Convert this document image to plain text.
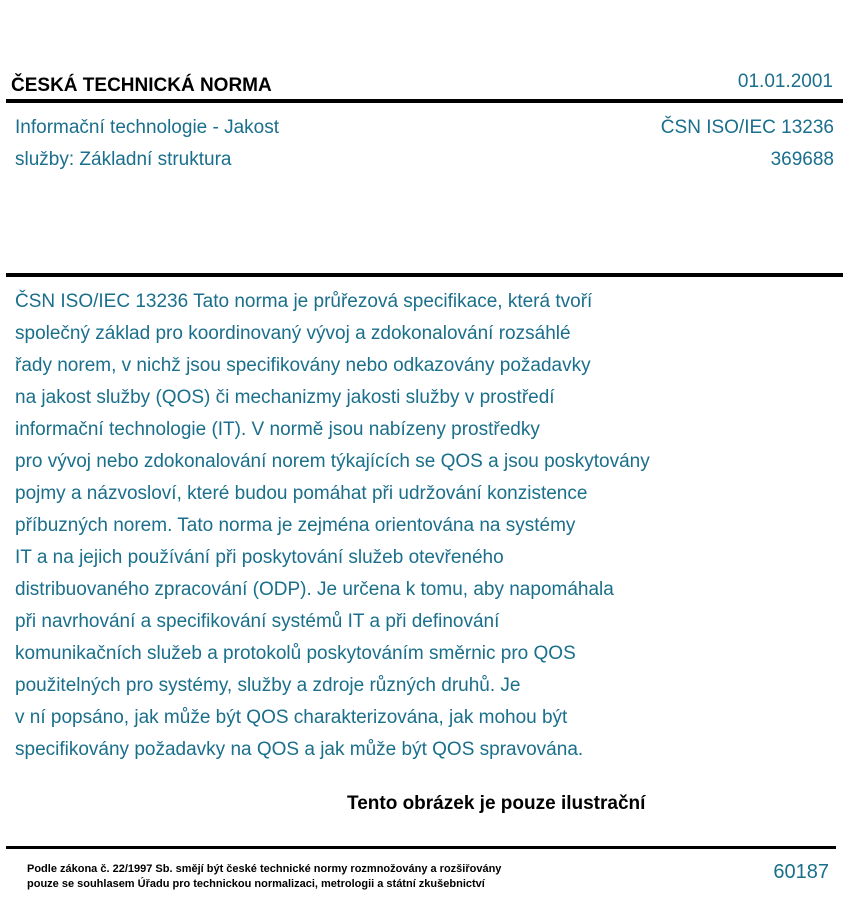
ČESKÁ TECHNICKÁ NORMA	01.01.2001
Informační technologie - Jakost
služby: Základní struktura
ČSN ISO/IEC 13236
369688
ČSN ISO/IEC 13236 Tato norma je průřezová specifikace, která tvoří
společný základ pro koordinovaný vývoj a zdokonalování rozsáhlé
řady norem, v nichž jsou specifikovány nebo odkazovány požadavky
na jakost služby (QOS) či mechanizmy jakosti služby v prostředí
informační technologie (IT). V normě jsou nabízeny prostředky
pro vývoj nebo zdokonalování norem týkajících se QOS a jsou poskytovány
pojmy a názvosloví, které budou pomáhat při udržování konzistence
příbuzných norem. Tato norma je zejména orientována na systémy
IT a na jejich používání při poskytování služeb otevřeného
distribuovaného zpracování (ODP). Je určena k tomu, aby napomáhala
při navrhování a specifikování systémů IT a při definování
komunikačních služeb a protokolů poskytováním směrnic pro QOS
použitelných pro systémy, služby a zdroje různých druhů. Je
v ní popsáno, jak může být QOS charakterizována, jak mohou být
specifikovány požadavky na QOS a jak může být QOS spravována.
Tento obrázek je pouze ilustrační
Podle zákona č. 22/1997 Sb. smějí být české technické normy rozmnožovány a rozšiřovány
pouze se souhlasem Úřadu pro technickou normalizaci, metrologii a státní zkušebnictví
60187
